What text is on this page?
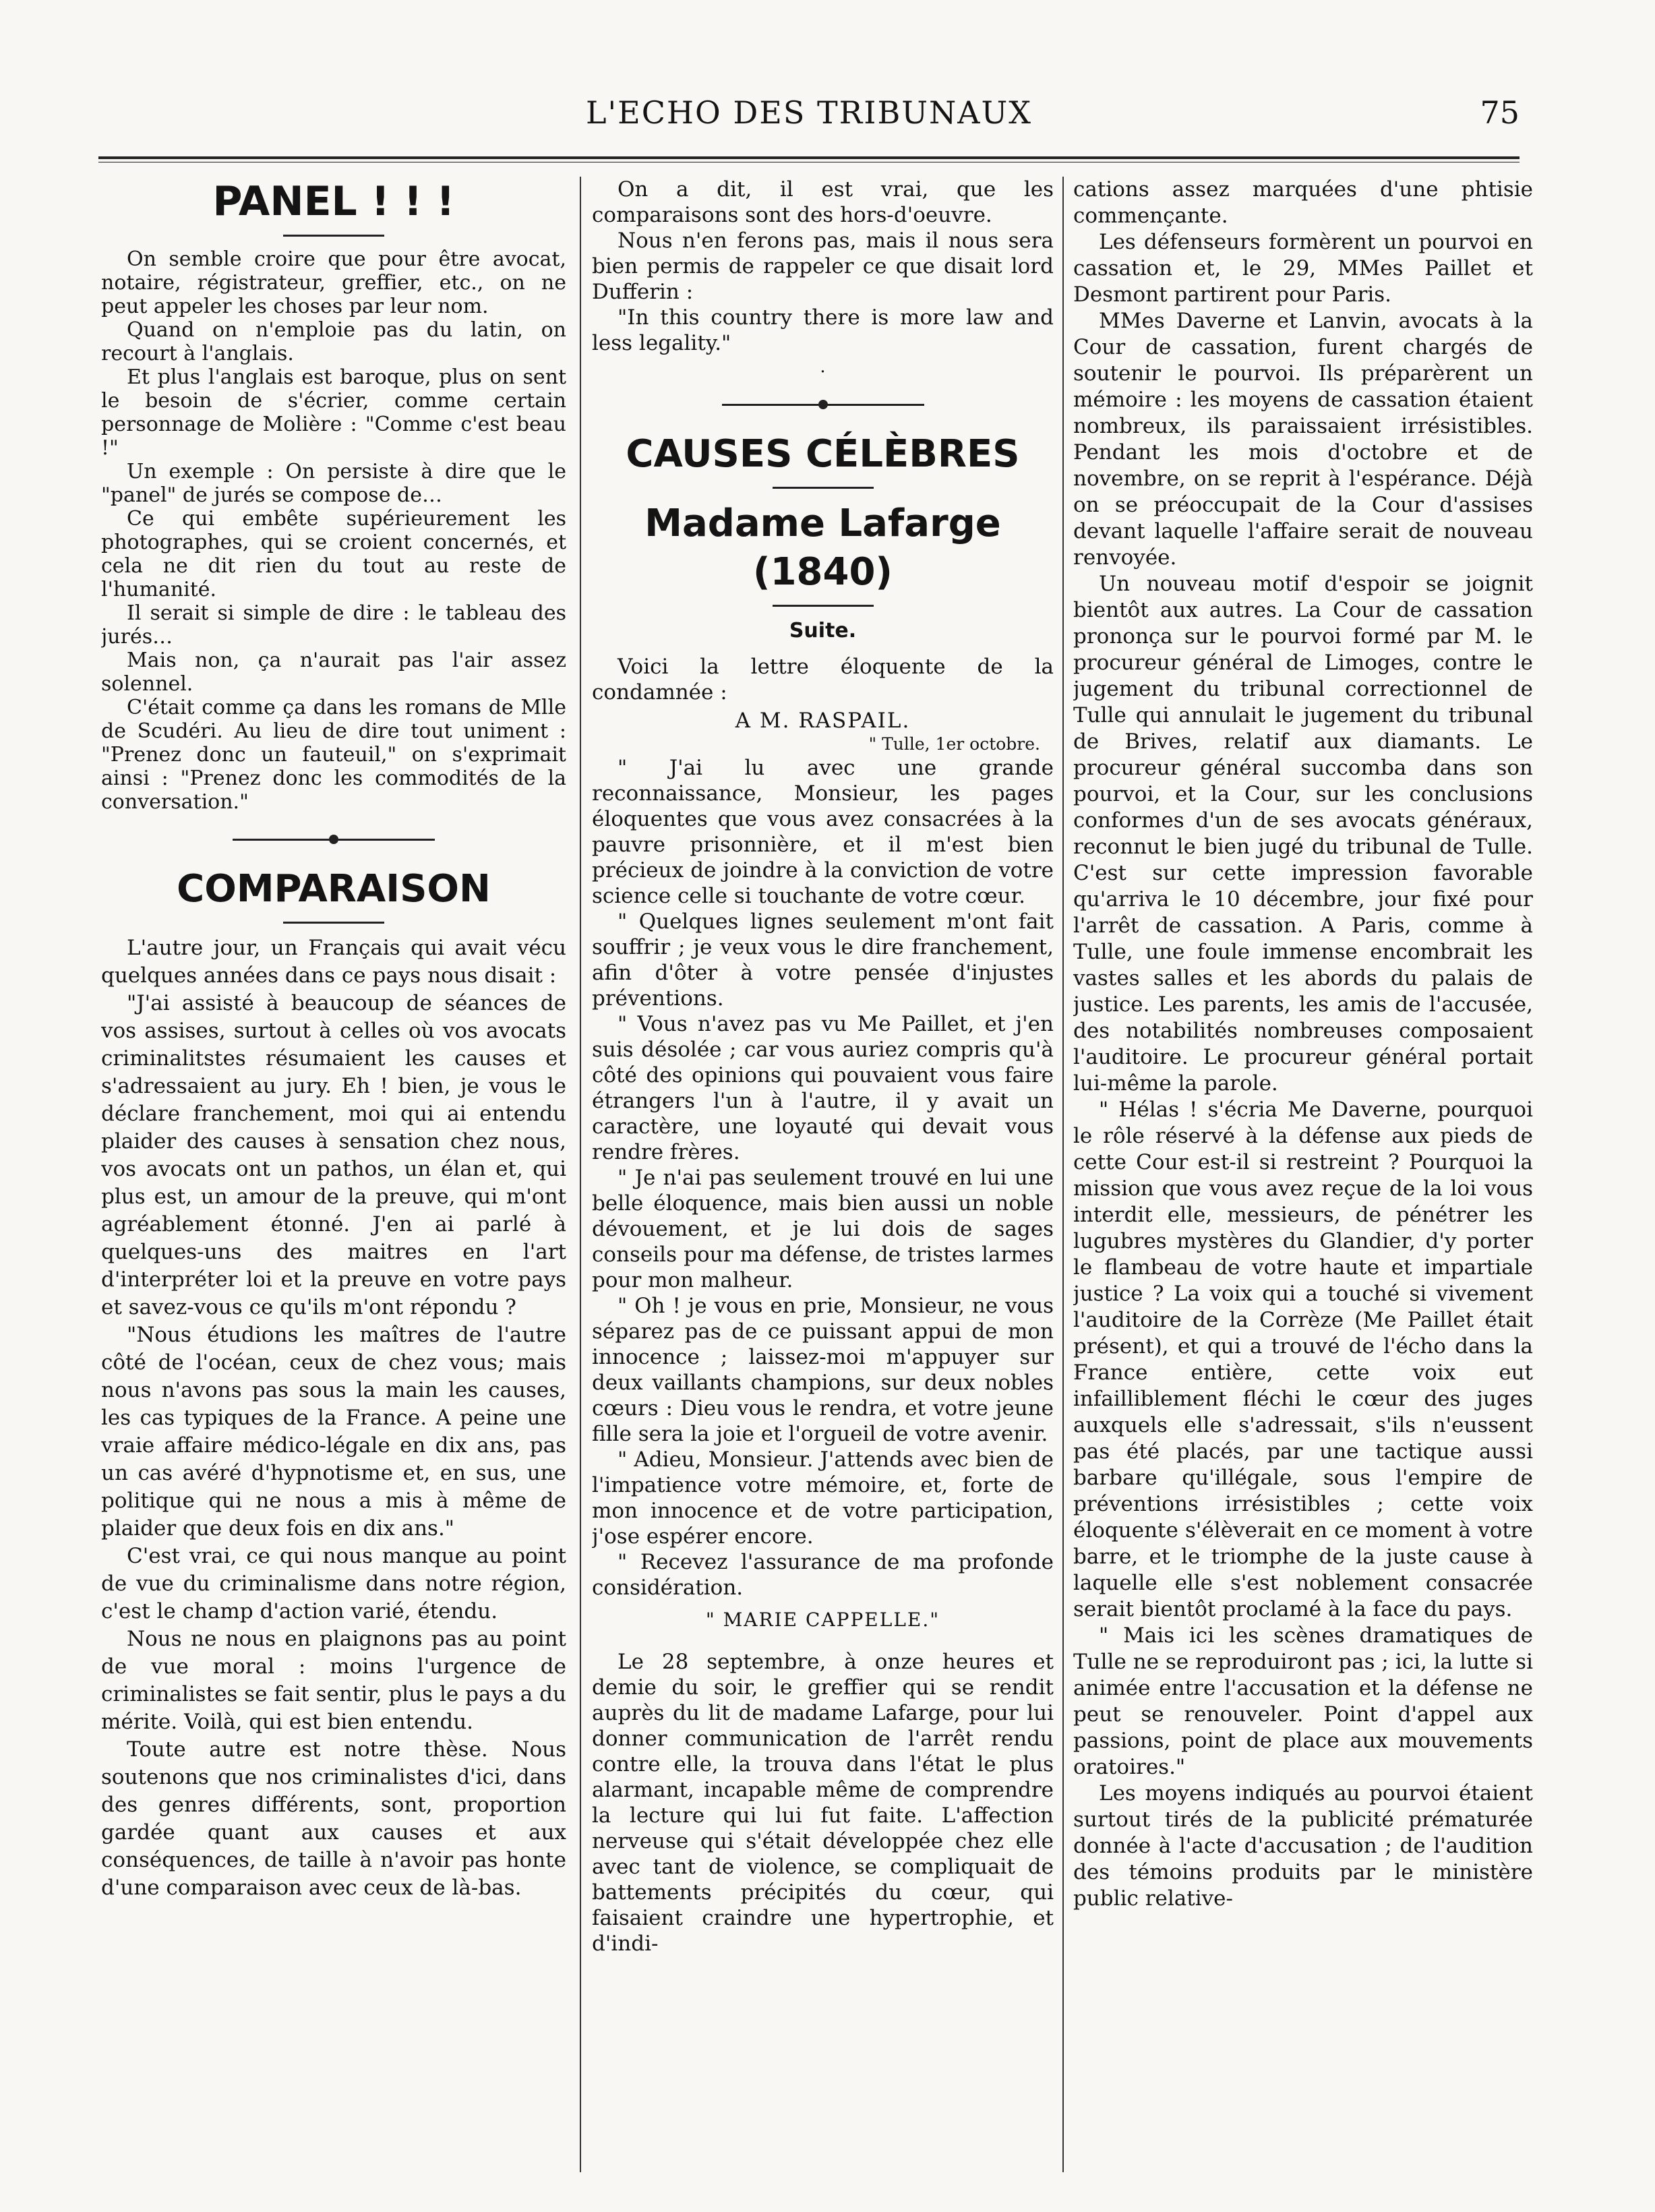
L'ECHO DES TRIBUNAUX	75
PANEL ! ! !

On semble croire que pour être avocat, notaire, régistrateur, greffier, etc., on ne peut appeler les choses par leur nom.

Quand on n'emploie pas du latin, on recourt à l'anglais.

Et plus l'anglais est baroque, plus on sent le besoin de s'écrier, comme certain personnage de Molière : "Comme c'est beau !"

Un exemple : On persiste à dire que le "panel" de jurés se compose de…

Ce qui embête supérieurement les photographes, qui se croient concernés, et cela ne dit rien du tout au reste de l'humanité.

Il serait si simple de dire : le tableau des jurés…

Mais non, ça n'aurait pas l'air assez solennel.

C'était comme ça dans les romans de Mlle de Scudéri. Au lieu de dire tout uniment : "Prenez donc un fauteuil," on s'exprimait ainsi : "Prenez donc les commodités de la conversation."

COMPARAISON

L'autre jour, un Français qui avait vécu quelques années dans ce pays nous disait :

"J'ai assisté à beaucoup de séances de vos assises, surtout à celles où vos avocats criminalitstes résumaient les causes et s'adressaient au jury. Eh ! bien, je vous le déclare franchement, moi qui ai entendu plaider des causes à sensation chez nous, vos avocats ont un pathos, un élan et, qui plus est, un amour de la preuve, qui m'ont agréablement étonné. J'en ai parlé à quelques-uns des maitres en l'art d'interpréter loi et la preuve en votre pays et savez-vous ce qu'ils m'ont répondu ?

"Nous étudions les maîtres de l'autre côté de l'océan, ceux de chez vous; mais nous n'avons pas sous la main les causes, les cas typiques de la France. A peine une vraie affaire médico-légale en dix ans, pas un cas avéré d'hypnotisme et, en sus, une politique qui ne nous a mis à même de plaider que deux fois en dix ans."

C'est vrai, ce qui nous manque au point de vue du criminalisme dans notre région, c'est le champ d'action varié, étendu.

Nous ne nous en plaignons pas au point de vue moral : moins l'urgence de criminalistes se fait sentir, plus le pays a du mérite. Voilà, qui est bien entendu.

Toute autre est notre thèse. Nous soutenons que nos criminalistes d'ici, dans des genres différents, sont, proportion gardée quant aux causes et aux conséquences, de taille à n'avoir pas honte d'une comparaison avec ceux de là-bas.

On a dit, il est vrai, que les comparaisons sont des hors-d'oeuvre.

Nous n'en ferons pas, mais il nous sera bien permis de rappeler ce que disait lord Dufferin :

"In this country there is more law and less legality."

·

CAUSES CÉLÈBRES
Madame Lafarge (1840)
Suite.

Voici la lettre éloquente de la condamnée :

A M. RASPAIL.

" Tulle, 1er octobre.

" J'ai lu avec une grande reconnaissance, Monsieur, les pages éloquentes que vous avez consacrées à la pauvre prisonnière, et il m'est bien précieux de joindre à la conviction de votre science celle si touchante de votre cœur.

" Quelques lignes seulement m'ont fait souffrir ; je veux vous le dire franchement, afin d'ôter à votre pensée d'injustes préventions.

" Vous n'avez pas vu Me Paillet, et j'en suis désolée ; car vous auriez compris qu'à côté des opinions qui pouvaient vous faire étrangers l'un à l'autre, il y avait un caractère, une loyauté qui devait vous rendre frères.

" Je n'ai pas seulement trouvé en lui une belle éloquence, mais bien aussi un noble dévouement, et je lui dois de sages conseils pour ma défense, de tristes larmes pour mon malheur.

" Oh ! je vous en prie, Monsieur, ne vous séparez pas de ce puissant appui de mon innocence ; laissez-moi m'appuyer sur deux vaillants champions, sur deux nobles cœurs : Dieu vous le rendra, et votre jeune fille sera la joie et l'orgueil de votre avenir.

" Adieu, Monsieur. J'attends avec bien de l'impatience votre mémoire, et, forte de mon innocence et de votre participation, j'ose espérer encore.

" Recevez l'assurance de ma profonde considération.

" MARIE CAPPELLE."

Le 28 septembre, à onze heures et demie du soir, le greffier qui se rendit auprès du lit de madame Lafarge, pour lui donner communication de l'arrêt rendu contre elle, la trouva dans l'état le plus alarmant, incapable même de comprendre la lecture qui lui fut faite. L'affection nerveuse qui s'était développée chez elle avec tant de violence, se compliquait de battements précipités du cœur, qui faisaient craindre une hypertrophie, et d'indi-

cations assez marquées d'une phtisie commençante.

Les défenseurs formèrent un pourvoi en cassation et, le 29, MMes Paillet et Desmont partirent pour Paris.

MMes Daverne et Lanvin, avocats à la Cour de cassation, furent chargés de soutenir le pourvoi. Ils préparèrent un mémoire : les moyens de cassation étaient nombreux, ils paraissaient irrésistibles. Pendant les mois d'octobre et de novembre, on se reprit à l'espérance. Déjà on se préoccupait de la Cour d'assises devant laquelle l'affaire serait de nouveau renvoyée.

Un nouveau motif d'espoir se joignit bientôt aux autres. La Cour de cassation prononça sur le pourvoi formé par M. le procureur général de Limoges, contre le jugement du tribunal correctionnel de Tulle qui annulait le jugement du tribunal de Brives, relatif aux diamants. Le procureur général succomba dans son pourvoi, et la Cour, sur les conclusions conformes d'un de ses avocats généraux, reconnut le bien jugé du tribunal de Tulle. C'est sur cette impression favorable qu'arriva le 10 décembre, jour fixé pour l'arrêt de cassation. A Paris, comme à Tulle, une foule immense encombrait les vastes salles et les abords du palais de justice. Les parents, les amis de l'accusée, des notabilités nombreuses composaient l'auditoire. Le procureur général portait lui-même la parole.

" Hélas ! s'écria Me Daverne, pourquoi le rôle réservé à la défense aux pieds de cette Cour est-il si restreint ? Pourquoi la mission que vous avez reçue de la loi vous interdit elle, messieurs, de pénétrer les lugubres mystères du Glandier, d'y porter le flambeau de votre haute et impartiale justice ? La voix qui a touché si vivement l'auditoire de la Corrèze (Me Paillet était présent), et qui a trouvé de l'écho dans la France entière, cette voix eut infailliblement fléchi le cœur des juges auxquels elle s'adressait, s'ils n'eussent pas été placés, par une tactique aussi barbare qu'illégale, sous l'empire de préventions irrésistibles ; cette voix éloquente s'élèverait en ce moment à votre barre, et le triomphe de la juste cause à laquelle elle s'est noblement consacrée serait bientôt proclamé à la face du pays.

" Mais ici les scènes dramatiques de Tulle ne se reproduiront pas ; ici, la lutte si animée entre l'accusation et la défense ne peut se renouveler. Point d'appel aux passions, point de place aux mouvements oratoires."

Les moyens indiqués au pourvoi étaient surtout tirés de la publicité prématurée donnée à l'acte d'accusation ; de l'audition des témoins produits par le ministère public relative-
